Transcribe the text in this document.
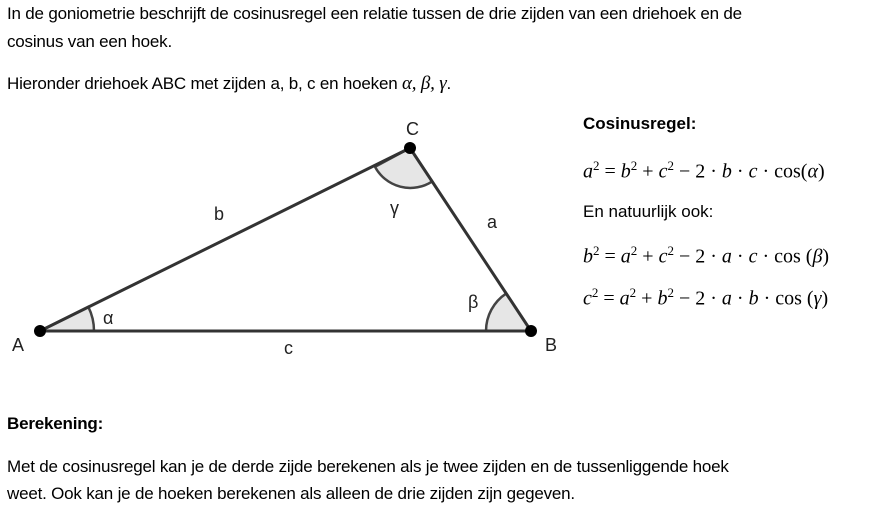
In de goniometrie beschrijft de cosinusregel een relatie tussen de drie zijden van een driehoek en de
cosinus van een hoek.
Hieronder driehoek ABC met zijden a, b, c en hoeken α, β, γ.
A	B
C
a
b
c
α
β
γ
Cosinusregel:
$a^2 = b^2 + c^2 - 2 \cdot b \cdot c \cdot \cos(\alpha)$
En natuurlijk ook:
$b^2 = a^2 + c^2 - 2 \cdot a \cdot c \cdot \cos (\beta)$
$c^2 = a^2 + b^2 - 2 \cdot a \cdot b \cdot \cos (\gamma)$
Berekening:
Met de cosinusregel kan je de derde zijde berekenen als je twee zijden en de tussenliggende hoek
weet. Ook kan je de hoeken berekenen als alleen de drie zijden zijn gegeven.
